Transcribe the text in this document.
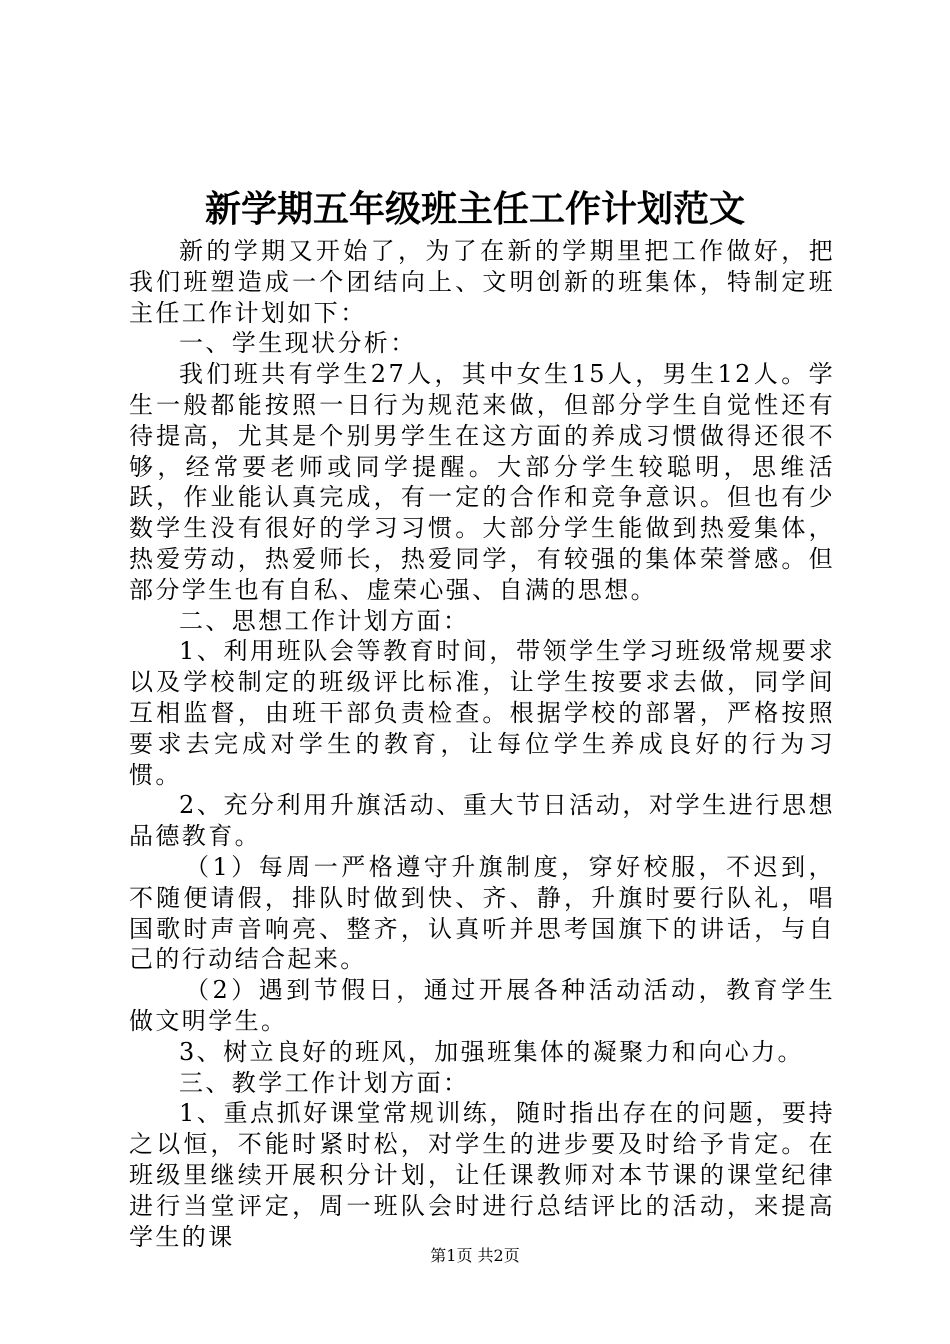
新学期五年级班主任工作计划范文

新的学期又开始了，为了在新的学期里把工作做好，把我们班塑造成一个团结向上、文明创新的班集体，特制定班主任工作计划如下：

一、学生现状分析：

我们班共有学生27人，其中女生15人，男生12人。学生一般都能按照一日行为规范来做，但部分学生自觉性还有待提高，尤其是个别男学生在这方面的养成习惯做得还很不够，经常要老师或同学提醒。大部分学生较聪明，思维活跃，作业能认真完成，有一定的合作和竞争意识。但也有少数学生没有很好的学习习惯。大部分学生能做到热爱集体，热爱劳动，热爱师长，热爱同学，有较强的集体荣誉感。但部分学生也有自私、虚荣心强、自满的思想。

二、思想工作计划方面：

1、利用班队会等教育时间，带领学生学习班级常规要求以及学校制定的班级评比标准，让学生按要求去做，同学间互相监督，由班干部负责检查。根据学校的部署，严格按照要求去完成对学生的教育，让每位学生养成良好的行为习惯。

2、充分利用升旗活动、重大节日活动，对学生进行思想品德教育。

（1）每周一严格遵守升旗制度，穿好校服，不迟到，不随便请假，排队时做到快、齐、静，升旗时要行队礼，唱国歌时声音响亮、整齐，认真听并思考国旗下的讲话，与自己的行动结合起来。

（2）遇到节假日，通过开展各种活动活动，教育学生做文明学生。

3、树立良好的班风，加强班集体的凝聚力和向心力。

三、教学工作计划方面：

1、重点抓好课堂常规训练，随时指出存在的问题，要持之以恒，不能时紧时松，对学生的进步要及时给予肯定。在班级里继续开展积分计划，让任课教师对本节课的课堂纪律进行当堂评定，周一班队会时进行总结评比的活动，来提高学生的课

第1页 共2页
